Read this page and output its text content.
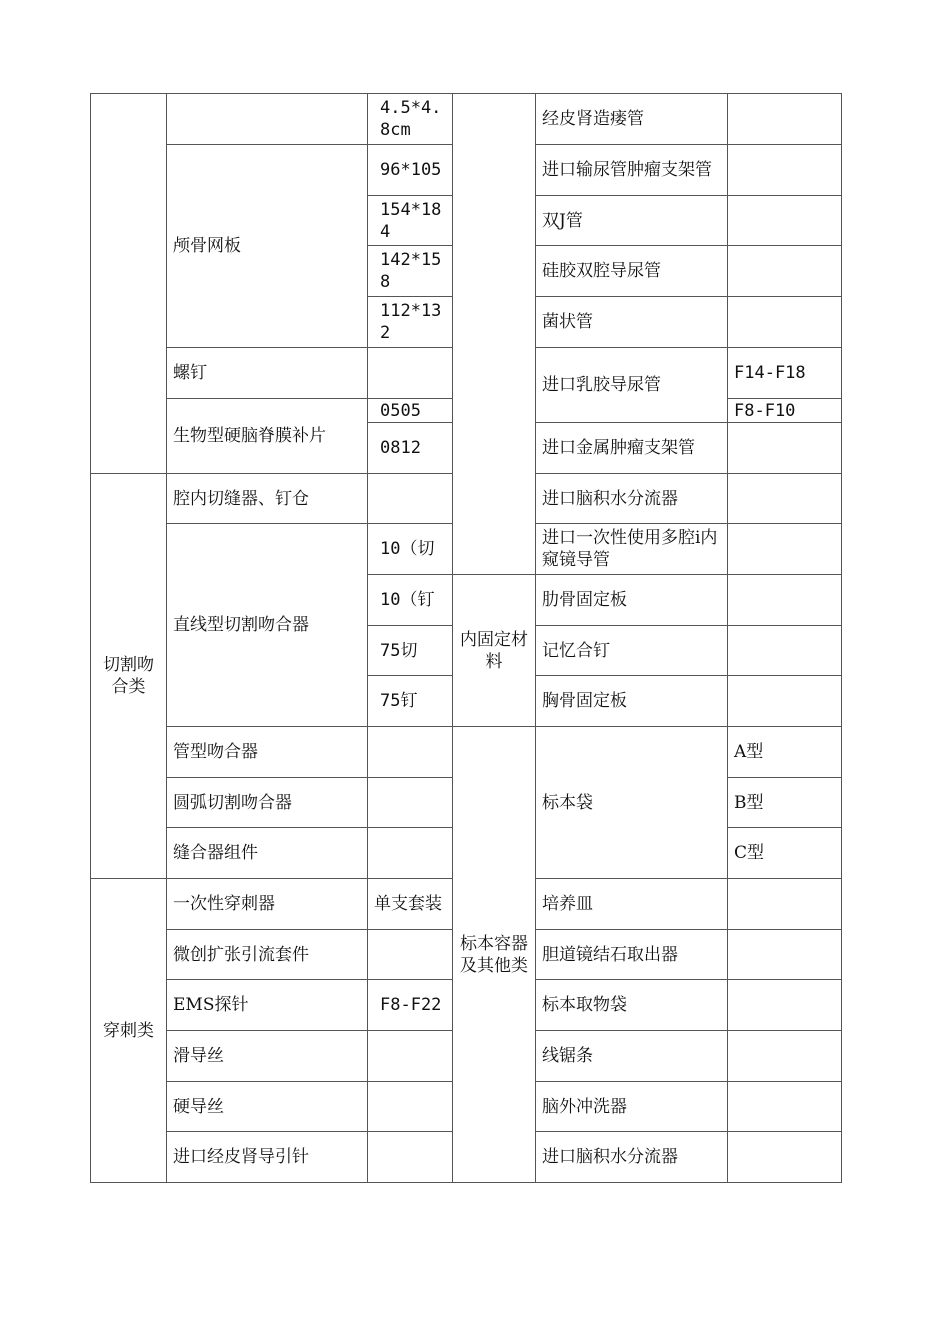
		4.5*4.8cm		经皮肾造瘘管	
	颅骨网板	96*105		进口输尿管肿瘤支架管	
		154*184		双J管	
		142*158		硅胶双腔导尿管	
		112*132		菌状管	
	螺钉			进口乳胶导尿管	F14-F18
	生物型硬脑脊膜补片	0505			F8-F10
		0812		进口金属肿瘤支架管	
切割吻合类	腔内切缝器、钉仓			进口脑积水分流器	
	直线型切割吻合器	10（切		进口一次性使用多腔i内窥镜导管	
		10（钉	内固定材料	肋骨固定板	
		75切		记忆合钉	
		75钉		胸骨固定板	
	管型吻合器		标本容器及其他类	标本袋	A型
	圆弧切割吻合器				B型
	缝合器组件				C型
穿刺类	一次性穿刺器	单支套装		培养皿	
	微创扩张引流套件			胆道镜结石取出器	
	EMS探针	F8-F22		标本取物袋	
	滑导丝			线锯条	
	硬导丝			脑外冲洗器	
	进口经皮肾导引针			进口脑积水分流器	
